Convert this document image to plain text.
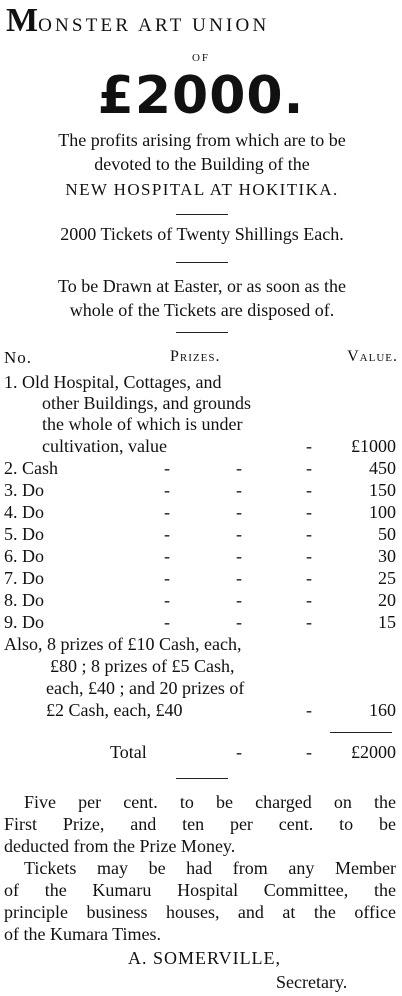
MONSTER ART UNION
OF
£2000.
The profits arising from which are to be
devoted to the Building of the
NEW HOSPITAL AT HOKITIKA.
2000 Tickets of Twenty Shillings Each.
To be Drawn at Easter, or as soon as the
whole of the Tickets are disposed of.
No.	Prizes.	Value.
1. Old Hospital, Cottages, and
other Buildings, and grounds
the whole of which is under
cultivation, value	- £1000
2. Cash	-	-	-	450
3. Do	-	-	-	150
4. Do	-	-	-	100
5. Do	-	-	-	50
6. Do	-	-	-	30
7. Do	-	-	-	25
8. Do	-	-	-	20
9. Do	-	-	-	15
Also, 8 prizes of £10 Cash, each,
£80 ; 8 prizes of £5 Cash,
each, £40 ; and 20 prizes of
£2 Cash, each, £40	-	160
Total	-	- £2000
Five per cent. to be charged on the
First Prize, and ten per cent. to be
deducted from the Prize Money.
Tickets may be had from any Member
of the Kumaru Hospital Committee, the
principle business houses, and at the office
of the Kumara Times.
A. SOMERVILLE,
Secretary.
